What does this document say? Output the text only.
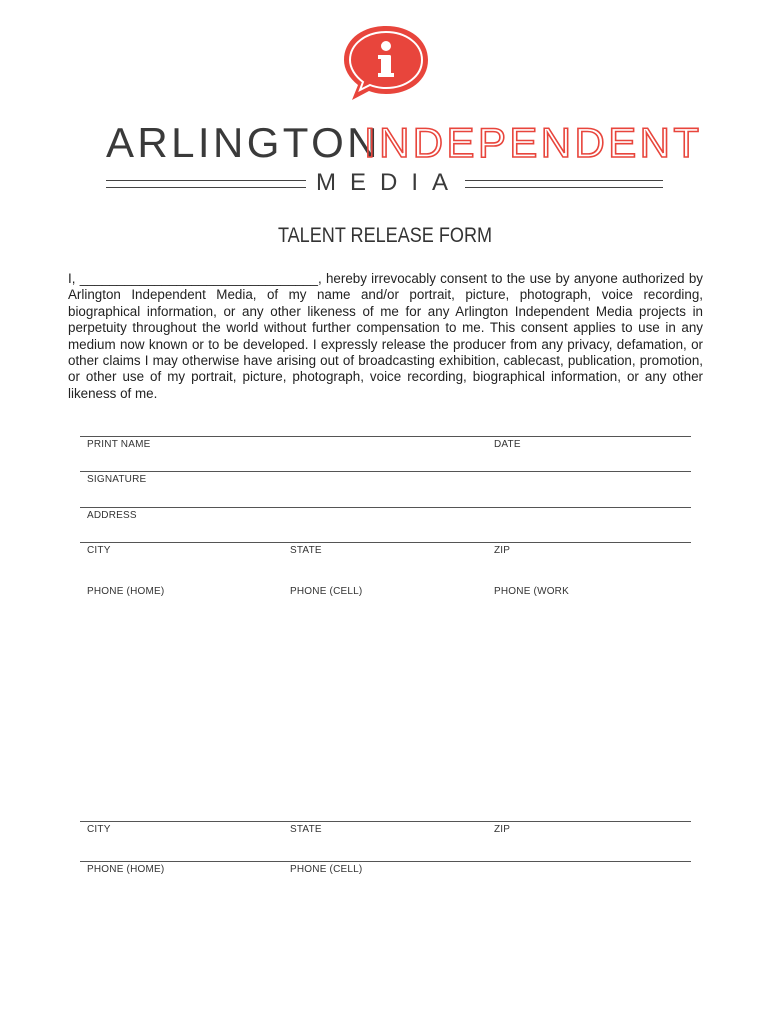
ARLINGTON
INDEPENDENT
MEDIA
TALENT RELEASE FORM
I, ________________________________, hereby irrevocably consent to the use by anyone authorized by Arlington Independent Media, of my name and/or portrait, picture, photograph, voice recording, biographical information, or any other likeness of me for any Arlington Independent Media projects in perpetuity throughout the world without further compensation to me. This consent applies to use in any medium now known or to be developed. I expressly release the producer from any privacy, defamation, or other claims I may otherwise have arising out of broadcasting exhibition, cablecast, publication, promotion, or other use of my portrait, picture, photograph, voice recording, biographical information, or any other likeness of me.
PRINT NAME	DATE
SIGNATURE
ADDRESS
CITY	STATE	ZIP
PHONE (HOME)	PHONE (CELL)	PHONE (WORK
CITY	STATE	ZIP
PHONE (HOME)	PHONE (CELL)
